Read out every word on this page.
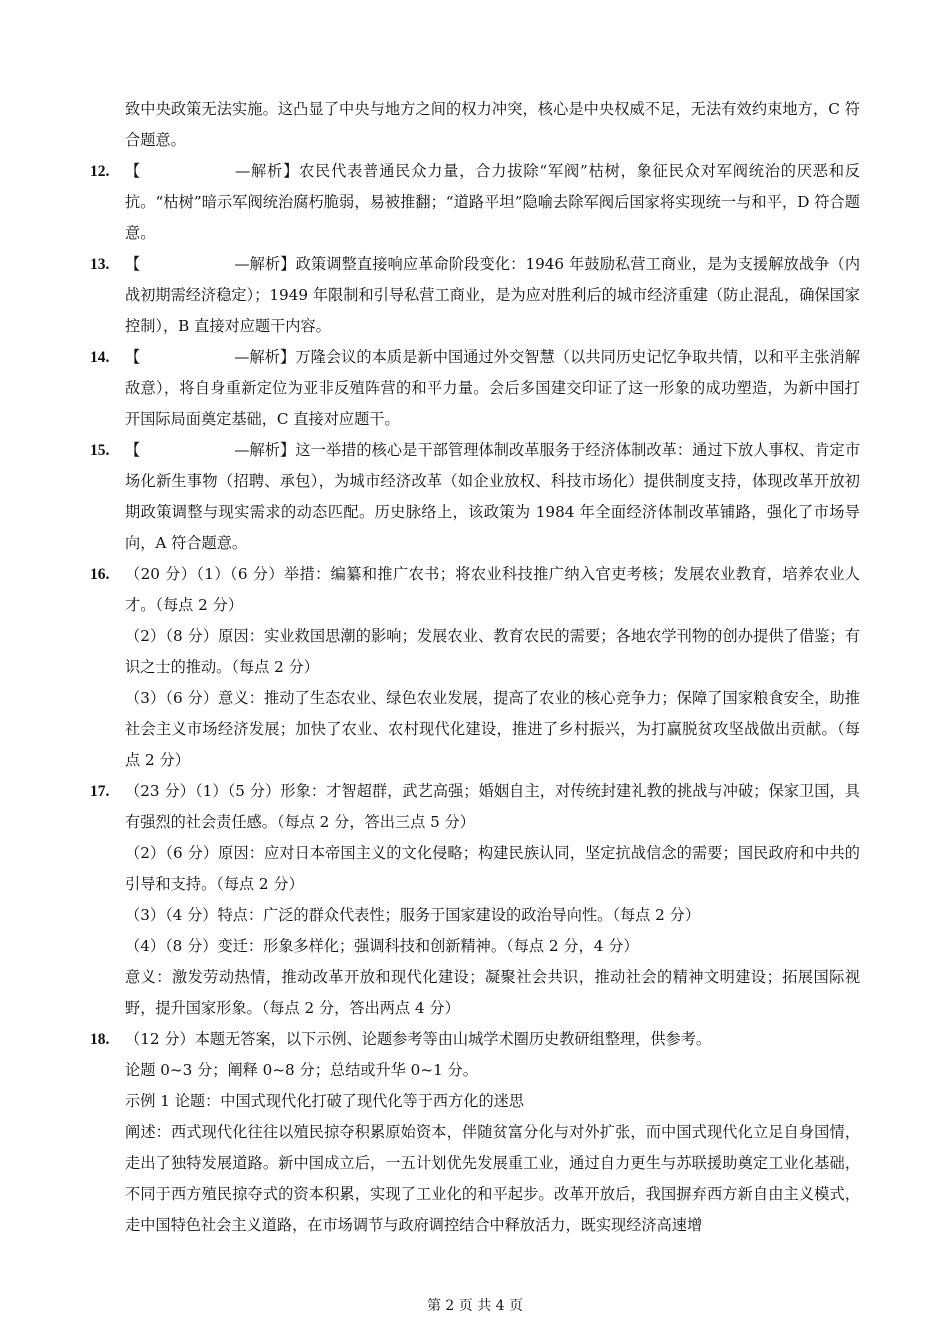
致中央政策无法实施。这凸显了中央与地方之间的权力冲突，核心是中央权威不足，无法有效约束地方，C 符合题意。

12. 【	—解析】农民代表普通民众力量，合力拔除“军阀”枯树，象征民众对军阀统治的厌恶和反抗。“枯树”暗示军阀统治腐朽脆弱，易被推翻；“道路平坦”隐喻去除军阀后国家将实现统一与和平，D 符合题意。

13. 【	—解析】政策调整直接响应革命阶段变化：1946 年鼓励私营工商业，是为支援解放战争（内战初期需经济稳定）；1949 年限制和引导私营工商业，是为应对胜利后的城市经济重建（防止混乱，确保国家控制），B 直接对应题干内容。

14. 【	—解析】万隆会议的本质是新中国通过外交智慧（以共同历史记忆争取共情，以和平主张消解敌意），将自身重新定位为亚非反殖阵营的和平力量。会后多国建交印证了这一形象的成功塑造，为新中国打开国际局面奠定基础，C 直接对应题干。

15. 【	—解析】这一举措的核心是干部管理体制改革服务于经济体制改革：通过下放人事权、肯定市场化新生事物（招聘、承包），为城市经济改革（如企业放权、科技市场化）提供制度支持，体现改革开放初期政策调整与现实需求的动态匹配。历史脉络上，该政策为 1984 年全面经济体制改革铺路，强化了市场导向，A 符合题意。

16. （20 分）（1）（6 分）举措：编纂和推广农书；将农业科技推广纳入官吏考核；发展农业教育，培养农业人才。（每点 2 分）

（2）（8 分）原因：实业救国思潮的影响；发展农业、教育农民的需要；各地农学刊物的创办提供了借鉴；有识之士的推动。（每点 2 分）

（3）（6 分）意义：推动了生态农业、绿色农业发展，提高了农业的核心竞争力；保障了国家粮食安全，助推社会主义市场经济发展；加快了农业、农村现代化建设，推进了乡村振兴，为打赢脱贫攻坚战做出贡献。（每点 2 分）

17. （23 分）（1）（5 分）形象：才智超群，武艺高强；婚姻自主，对传统封建礼教的挑战与冲破；保家卫国，具有强烈的社会责任感。（每点 2 分，答出三点 5 分）

（2）（6 分）原因：应对日本帝国主义的文化侵略；构建民族认同，坚定抗战信念的需要；国民政府和中共的引导和支持。（每点 2 分）

（3）（4 分）特点：广泛的群众代表性；服务于国家建设的政治导向性。（每点 2 分）

（4）（8 分）变迁：形象多样化；强调科技和创新精神。（每点 2 分，4 分）

意义：激发劳动热情，推动改革开放和现代化建设；凝聚社会共识，推动社会的精神文明建设；拓展国际视野，提升国家形象。（每点 2 分，答出两点 4 分）

18. （12 分）本题无答案，以下示例、论题参考等由山城学术圈历史教研组整理，供参考。

论题 0~3 分；阐释 0~8 分；总结或升华 0~1 分。

示例 1 论题：中国式现代化打破了现代化等于西方化的迷思

阐述：西式现代化往往以殖民掠夺积累原始资本，伴随贫富分化与对外扩张，而中国式现代化立足自身国情，走出了独特发展道路。新中国成立后，一五计划优先发展重工业，通过自力更生与苏联援助奠定工业化基础，不同于西方殖民掠夺式的资本积累，实现了工业化的和平起步。改革开放后，我国摒弃西方新自由主义模式，走中国特色社会主义道路，在市场调节与政府调控结合中释放活力，既实现经济高速增

第 2 页 共 4 页
